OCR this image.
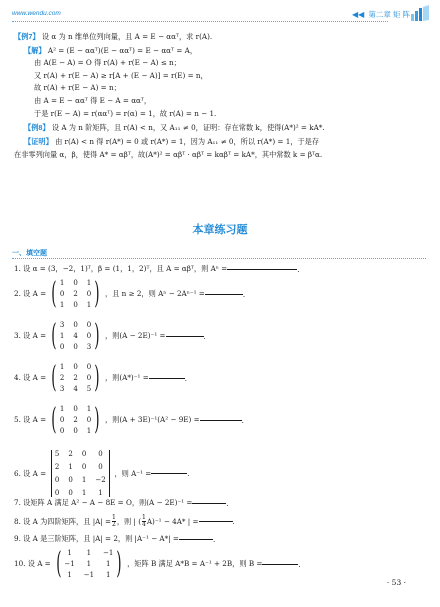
www.wendu.com	◀◀ 第二章 矩 阵
【例7】 设 α 为 n 维单位列向量，且 A = E − ααᵀ，求 r(A).
【解】 A² = (E − ααᵀ)(E − ααᵀ) = E − ααᵀ = A，
由 A(E − A) = O 得 r(A) + r(E − A) ≤ n；
又 r(A) + r(E − A) ≥ r[A + (E − A)] = r(E) = n，
故 r(A) + r(E − A) = n；
由 A = E − ααᵀ 得 E − A = ααᵀ，
于是 r(E − A) = r(ααᵀ) = r(α) = 1，故 r(A) = n − 1.
【例8】 设 A 为 n 阶矩阵，且 r(A) < n，又 A₁₁ ≠ 0，证明：存在常数 k，使得(A*)² = kA*.
【证明】 由 r(A) < n 得 r(A*) = 0 或 r(A*) = 1，因为 A₁₁ ≠ 0，所以 r(A*) = 1，于是存
在非零列向量 α，β，使得 A* = αβᵀ，故(A*)² = αβᵀ · αβᵀ = kαβᵀ = kA*，其中常数 k = βᵀα.
本章练习题
一、填空题
1. 设 α = (3，−2，1)ᵀ，β = (1，1，2)ᵀ，且 A = αβᵀ，则 Aⁿ =	.
2. 设 A = ( 1 0 1
0 2 0
1 0 1 ) ，且 n ≥ 2，则 Aⁿ − 2Aⁿ⁻¹ =	.
3. 设 A = ( 3 0 0
1 4 0
0 0 3 ) ，则(A − 2E)⁻¹ =	.
4. 设 A = ( 1 0 0
2 2 0
3 4 5 ) ，则(A*)⁻¹ =	.
5. 设 A = ( 1 0 1
0 2 0
0 0 1 ) ，则(A + 3E)⁻¹(A² − 9E) =	.
6. 设 A =
5 2 0	0
2 1 0	0
0 0 1 −2
0 0 1	1
，则 A⁻¹ =	.
7. 设矩阵 A 满足 A² − A − 8E = O，则(A − 2E)⁻¹ =	.
8. 设 A 为四阶矩阵，且 $|A| = \frac{1}{2}$ ，则 | ( $\frac{1}{4} A)^{-1} - 4A*$ | =	.
9. 设 A 是三阶矩阵，且 |A| = 2，则 |A⁻¹ − A*| =	.
10. 设 A = ( 1	1	−1
−1	1	1
1	−1	1 ) ，矩阵 B 满足 A*B = A⁻¹ + 2B，则 B =	.
· 53 ·
